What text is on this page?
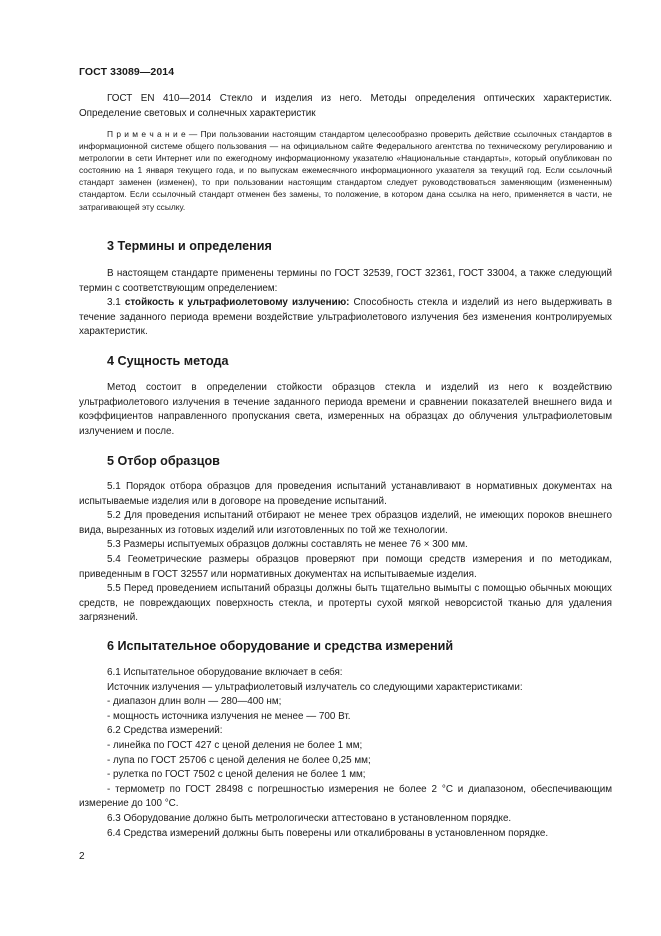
ГОСТ 33089—2014

ГОСТ EN 410—2014 Стекло и изделия из него. Методы определения оптических характеристик. Определение световых и солнечных характеристик

П р и м е ч а н и е — При пользовании настоящим стандартом целесообразно проверить действие ссылочных стандартов в информационной системе общего пользования — на официальном сайте Федерального агентства по техническому регулированию и метрологии в сети Интернет или по ежегодному информационному указателю «Национальные стандарты», который опубликован по состоянию на 1 января текущего года, и по выпускам ежемесячного информационного указателя за текущий год. Если ссылочный стандарт заменен (изменен), то при пользовании настоящим стандартом следует руководствоваться заменяющим (измененным) стандартом. Если ссылочный стандарт отменен без замены, то положение, в котором дана ссылка на него, применяется в части, не затрагивающей эту ссылку.

3 Термины и определения

В настоящем стандарте применены термины по ГОСТ 32539, ГОСТ 32361, ГОСТ 33004, а также следующий термин с соответствующим определением:

3.1 стойкость к ультрафиолетовому излучению: Способность стекла и изделий из него выдерживать в течение заданного периода времени воздействие ультрафиолетового излучения без изменения контролируемых характеристик.

4 Сущность метода

Метод состоит в определении стойкости образцов стекла и изделий из него к воздействию ультрафиолетового излучения в течение заданного периода времени и сравнении показателей внешнего вида и коэффициентов направленного пропускания света, измеренных на образцах до облучения ультрафиолетовым излучением и после.

5 Отбор образцов

5.1 Порядок отбора образцов для проведения испытаний устанавливают в нормативных документах на испытываемые изделия или в договоре на проведение испытаний.

5.2 Для проведения испытаний отбирают не менее трех образцов изделий, не имеющих пороков внешнего вида, вырезанных из готовых изделий или изготовленных по той же технологии.

5.3 Размеры испытуемых образцов должны составлять не менее 76 × 300 мм.

5.4 Геометрические размеры образцов проверяют при помощи средств измерения и по методикам, приведенным в ГОСТ 32557 или нормативных документах на испытываемые изделия.

5.5 Перед проведением испытаний образцы должны быть тщательно вымыты с помощью обычных моющих средств, не повреждающих поверхность стекла, и протерты сухой мягкой неворсистой тканью для удаления загрязнений.

6 Испытательное оборудование и средства измерений

6.1 Испытательное оборудование включает в себя:

Источник излучения — ультрафиолетовый излучатель со следующими характеристиками:

- диапазон длин волн — 280—400 нм;

- мощность источника излучения не менее — 700 Вт.

6.2 Средства измерений:

- линейка по ГОСТ 427 с ценой деления не более 1 мм;

- лупа по ГОСТ 25706 с ценой деления не более 0,25 мм;

- рулетка по ГОСТ 7502 с ценой деления не более 1 мм;

- термометр по ГОСТ 28498 с погрешностью измерения не более 2 °С и диапазоном, обеспечивающим измерение до 100 °С.

6.3 Оборудование должно быть метрологически аттестовано в установленном порядке.

6.4 Средства измерений должны быть поверены или откалиброваны в установленном порядке.

2
